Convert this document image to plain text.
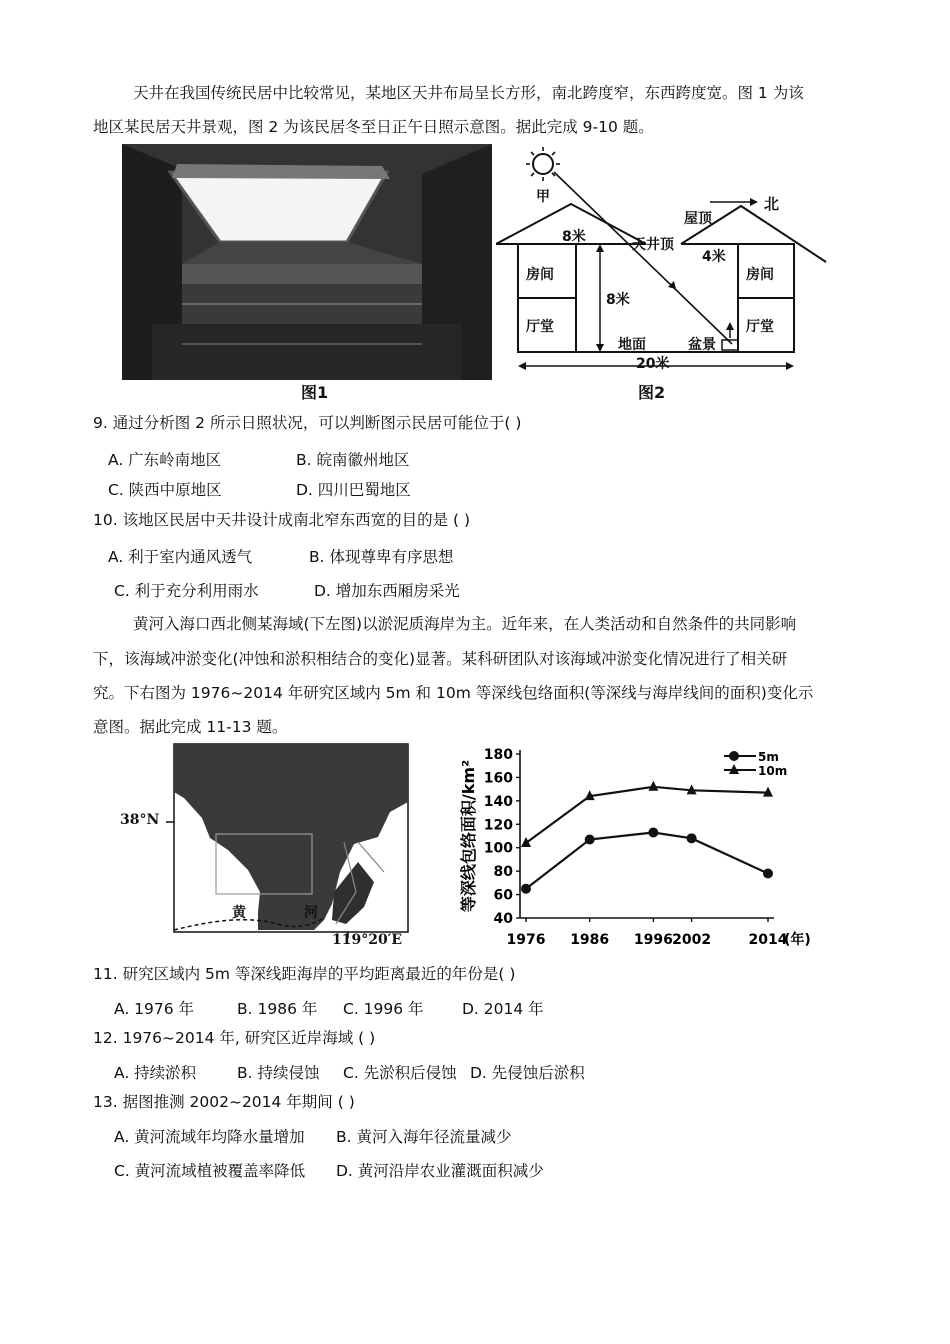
天井在我国传统民居中比较常见，某地区天井布局呈长方形，南北跨度窄，东西跨度宽。图 1 为该
地区某民居天井景观，图 2 为该民居冬至日正午日照示意图。据此完成 9-10 题。
图1
甲	北
屋顶
8米	天井顶
4米
房间
8米
房间
厅堂	厅堂
地面	盆景
20米
图2
9. 通过分析图 2 所示日照状况，可以判断图示民居可能位于( )
A. 广东岭南地区	B. 皖南徽州地区
C. 陕西中原地区	D. 四川巴蜀地区
10. 该地区民居中天井设计成南北窄东西宽的目的是 ( )
A. 利于室内通风透气	B. 体现尊卑有序思想
C. 利于充分利用雨水	D. 增加东西厢房采光
黄河入海口西北侧某海域(下左图)以淤泥质海岸为主。近年来，在人类活动和自然条件的共同影响
下，该海域冲淤变化(冲蚀和淤积相结合的变化)显著。某科研团队对该海域冲淤变化情况进行了相关研
究。下右图为 1976~2014 年研究区域内 5m 和 10m 等深线包络面积(等深线与海岸线间的面积)变化示
意图。据此完成 11-13 题。
38°N
119°20′E
黄	河	40
60
80
100
120
140
160
180
1976 1986 1996 2002	2014
(年)
等深线包络面积/km²
5m
10m
11. 研究区域内 5m 等深线距海岸的平均距离最近的年份是( )
A. 1976 年	B. 1986 年 C. 1996 年 D. 2014 年
12. 1976~2014 年, 研究区近岸海域 ( )
A. 持续淤积	B. 持续侵蚀 C. 先淤积后侵蚀 D. 先侵蚀后淤积
13. 据图推测 2002~2014 年期间 ( )
A. 黄河流域年均降水量增加 B. 黄河入海年径流量减少
C. 黄河流域植被覆盖率降低 D. 黄河沿岸农业灌溉面积减少
